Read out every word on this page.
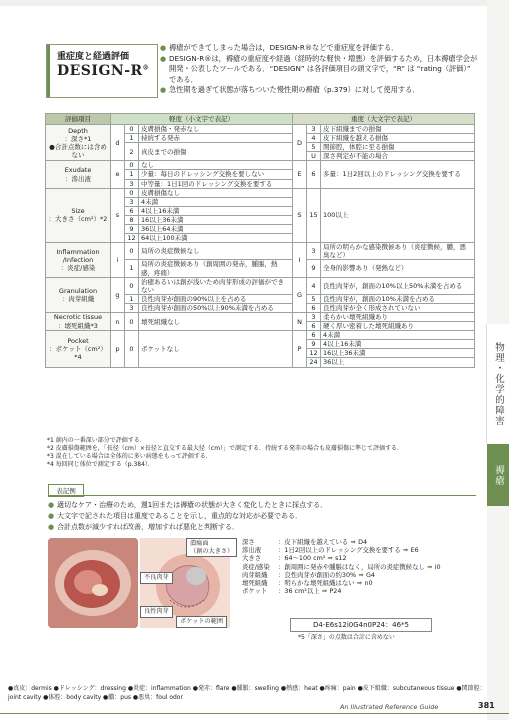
物理・化学的障害
褥瘡
重症度と経過評価
DESIGN-R®
● 褥瘡ができてしまった場合は，DESIGN-R®などで重症度を評価する．
● DESIGN-R®は，褥瘡の重症度や経過（経時的な軽快・増悪）を評価するため，日本褥瘡学会が開発・公表したツールである．“DESIGN” は各評価項目の頭文字で，“R” は “rating（評価）” である．
● 急性期を過ぎて状態が落ちついた慢性期の褥瘡（p.379）に対して使用する．
評価項目	軽度（小文字で表記）			重度（大文字で表記）		
Depth
：深さ*1
●合計点数には含めない	d	0	皮膚損傷・発赤なし	D	3	皮下組織までの損傷
		1	持続する発赤		4	皮下組織を越える損傷
		2	真皮までの損傷		5	関節腔，体腔に至る損傷
					U	深さ判定が不能の場合
Exudate
：滲出液	e	0	なし	E	6	多量：1日2回以上のドレッシング交換を要する
		1	少量：毎日のドレッシング交換を要しない			
		3	中等量：1日1回のドレッシング交換を要する			
Size
：大きさ（cm²）*2	s	0	皮膚損傷なし	S	15	100以上
		3	4未満			
		6	4以上16未満			
		8	16以上36未満			
		9	36以上64未満			
		12	64以上100未満			
Inflammation
/Infection
：炎症/感染	i	0	局所の炎症徴候なし	I	3	局所の明らかな感染徴候あり（炎症徴候，膿，悪臭など）
		1	局所の炎症徴候あり（創周囲の発赤，腫脹，熱感，疼痛）		9	全身的影響あり（発熱など）
Granulation
：肉芽組織	g	0	治癒あるいは創が浅いため肉芽形成の評価ができない	G	4	良性肉芽が，創面の10%以上50%未満を占める
		1	良性肉芽が創面の90%以上を占める		5	良性肉芽が，創面の10%未満を占める
		3	良性肉芽が創面の50%以上90%未満を占める		6	良性肉芽が全く形成されていない
Necrotic tissue
：壊死組織*3	n	0	壊死組織なし	N	3	柔らかい壊死組織あり
					6	硬く厚い密着した壊死組織あり
Pocket
：ポケット（cm²）*4	p	0	ポケットなし	P	6	4未満
					9	4以上16未満
					12	16以上36未満
					24	36以上
*1 創内の一番深い部分で評価する．
*2 皮膚損傷範囲を，「長径（cm）×長径と直交する最大径（cm）」で測定する．持続する発赤の場合も皮膚損傷に準じて評価する．
*3 混在している場合は全体的に多い病態をもって評価する．
*4 毎回同じ体位で測定する（p.384）．
表記例
● 適切なケア・治療のため，週1回または褥瘡の状態が大きく変化したときに採点する．
● 大文字で記された項目は重度であることを示し，重点的な対応が必要である．
● 合計点数が減少すれば改善，増加すれば悪化と判断する．
潰瘍面
（創の大きさ）
不良肉芽
良性肉芽
ポケットの範囲
深さ	：皮下組織を越えている ➡ D4
滲出液	：1日2回以上のドレッシング交換を要する ➡ E6
大きさ	：64～100 cm² ➡ s12
炎症/感染 ：創周囲に発赤や腫脹はなく，局所の炎症徴候なし ➡ i0
肉芽組織 ：良性肉芽が創面の約30% ➡ G4
壊死組織 ：明らかな壊死組織はない ➡ n0
ポケット ：36 cm²以上 ➡ P24
D4-E6s12i0G4n0P24：46*5
*5「深さ」の点数は合計に含めない
●真皮：dermis ●ドレッシング：dressing ●炎症：inflammation ●発赤：flare ●腫脹：swelling ●熱感：heat ●疼痛：pain ●皮下組織：subcutaneous tissue ●関節腔：joint cavity ●体腔：body cavity ●膿：pus ●悪臭：foul odor
An Illustrated Reference Guide	381
